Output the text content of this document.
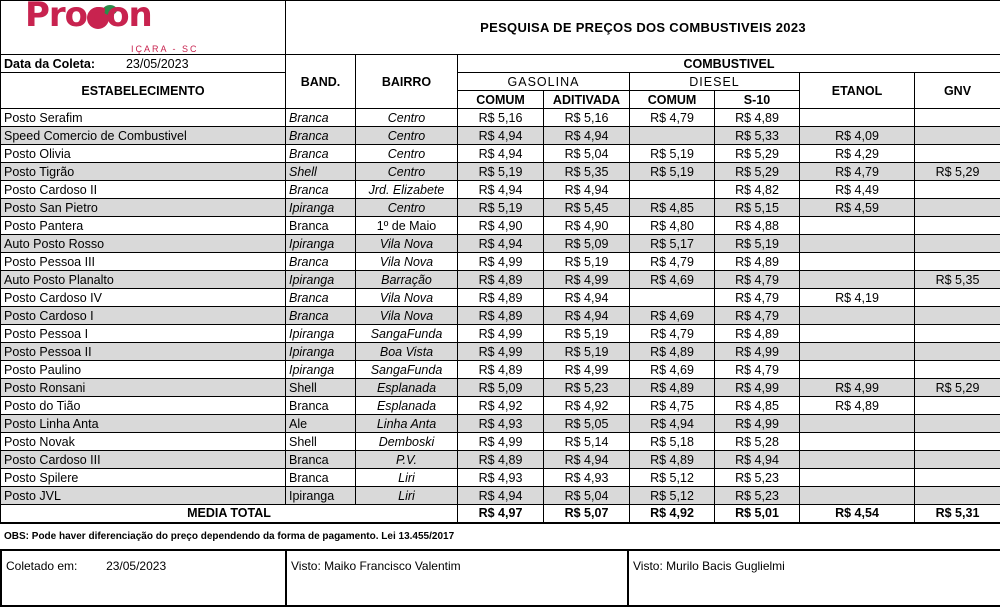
Procon
IÇARA - SC	PESQUISA DE PREÇOS DOS COMBUSTIVEIS 2023							
Data da Coleta: 23/05/2023	BAND.	BAIRRO	COMBUSTIVEL					
ESTABELECIMENTO			GASOLINA		DIESEL		ETANOL	GNV
			COMUM	ADITIVADA	COMUM	S-10		
Posto Serafim	Branca	Centro	R$ 5,16	R$ 5,16	R$ 4,79	R$ 4,89		
Speed Comercio de Combustivel	Branca	Centro	R$ 4,94	R$ 4,94		R$ 5,33	R$ 4,09	
Posto Olivia	Branca	Centro	R$ 4,94	R$ 5,04	R$ 5,19	R$ 5,29	R$ 4,29	
Posto Tigrão	Shell	Centro	R$ 5,19	R$ 5,35	R$ 5,19	R$ 5,29	R$ 4,79	R$ 5,29
Posto Cardoso II	Branca	Jrd. Elizabete	R$ 4,94	R$ 4,94		R$ 4,82	R$ 4,49	
Posto San Pietro	Ipiranga	Centro	R$ 5,19	R$ 5,45	R$ 4,85	R$ 5,15	R$ 4,59	
Posto Pantera	Branca	1º de Maio	R$ 4,90	R$ 4,90	R$ 4,80	R$ 4,88		
Auto Posto Rosso	Ipiranga	Vila Nova	R$ 4,94	R$ 5,09	R$ 5,17	R$ 5,19		
Posto Pessoa III	Branca	Vila Nova	R$ 4,99	R$ 5,19	R$ 4,79	R$ 4,89		
Auto Posto Planalto	Ipiranga	Barração	R$ 4,89	R$ 4,99	R$ 4,69	R$ 4,79		R$ 5,35
Posto Cardoso IV	Branca	Vila Nova	R$ 4,89	R$ 4,94		R$ 4,79	R$ 4,19	
Posto Cardoso I	Branca	Vila Nova	R$ 4,89	R$ 4,94	R$ 4,69	R$ 4,79		
Posto Pessoa I	Ipiranga	SangaFunda	R$ 4,99	R$ 5,19	R$ 4,79	R$ 4,89		
Posto Pessoa II	Ipiranga	Boa Vista	R$ 4,99	R$ 5,19	R$ 4,89	R$ 4,99		
Posto Paulino	Ipiranga	SangaFunda	R$ 4,89	R$ 4,99	R$ 4,69	R$ 4,79		
Posto Ronsani	Shell	Esplanada	R$ 5,09	R$ 5,23	R$ 4,89	R$ 4,99	R$ 4,99	R$ 5,29
Posto do Tião	Branca	Esplanada	R$ 4,92	R$ 4,92	R$ 4,75	R$ 4,85	R$ 4,89	
Posto Linha Anta	Ale	Linha Anta	R$ 4,93	R$ 5,05	R$ 4,94	R$ 4,99		
Posto Novak	Shell	Demboski	R$ 4,99	R$ 5,14	R$ 5,18	R$ 5,28		
Posto Cardoso III	Branca	P.V.	R$ 4,89	R$ 4,94	R$ 4,89	R$ 4,94		
Posto Spilere	Branca	Liri	R$ 4,93	R$ 4,93	R$ 5,12	R$ 5,23		
Posto JVL	Ipiranga	Liri	R$ 4,94	R$ 5,04	R$ 5,12	R$ 5,23		
MEDIA TOTAL			R$ 4,97	R$ 5,07	R$ 4,92	R$ 5,01	R$ 4,54	R$ 5,31
OBS: Pode haver diferenciação do preço dependendo da forma de pagamento. Lei 13.455/2017
Coletado em: 23/05/2023	Visto: Maiko Francisco Valentim	Visto: Murilo Bacis Guglielmi
